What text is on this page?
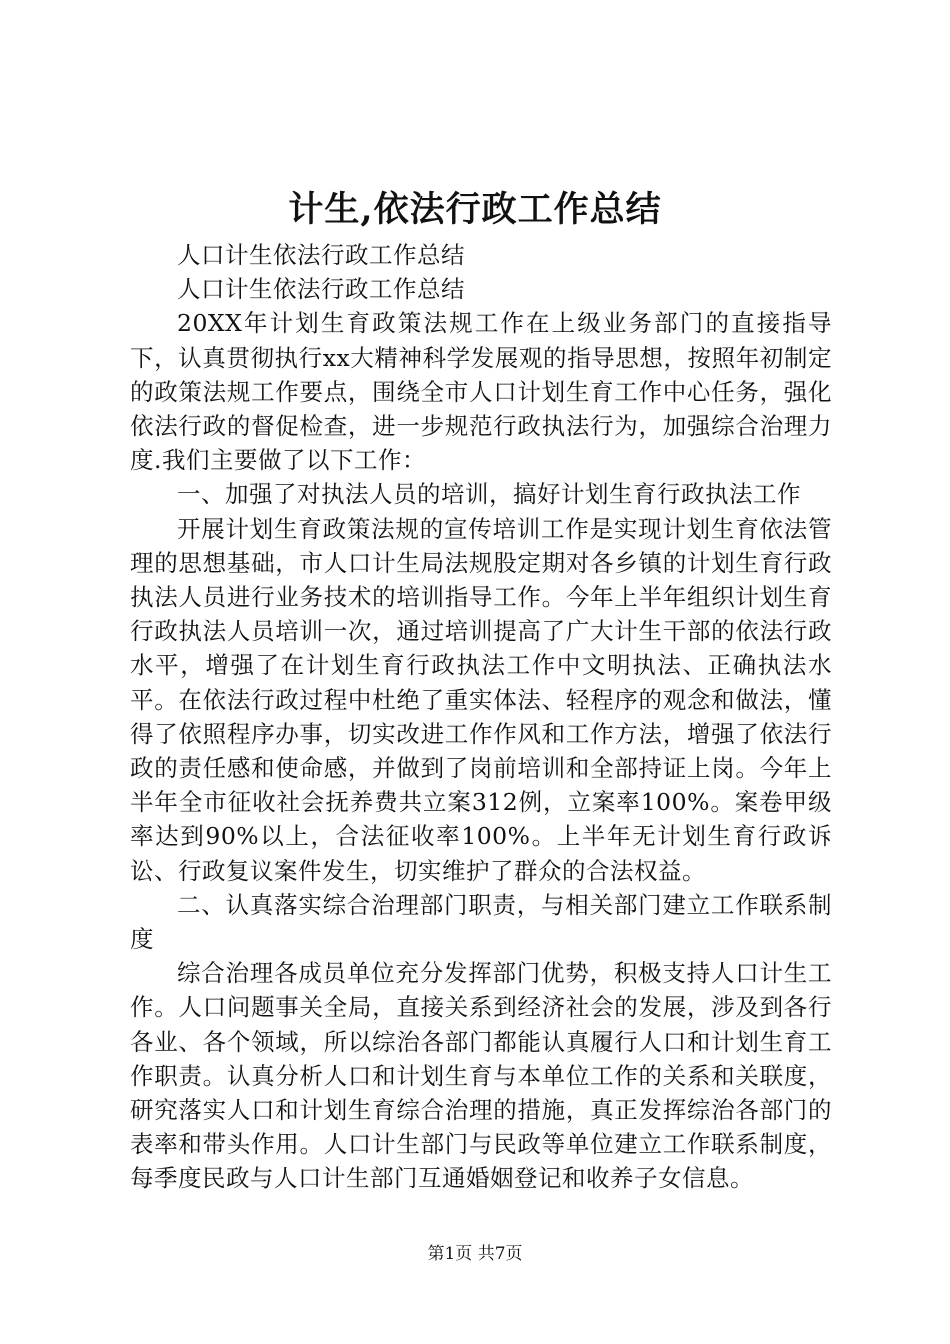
计生,依法行政工作总结

人口计生依法行政工作总结

人口计生依法行政工作总结

20XX年计划生育政策法规工作在上级业务部门的直接指导下，认真贯彻执行xx大精神科学发展观的指导思想，按照年初制定的政策法规工作要点，围绕全市人口计划生育工作中心任务，强化依法行政的督促检查，进一步规范行政执法行为，加强综合治理力度.我们主要做了以下工作：

一、加强了对执法人员的培训，搞好计划生育行政执法工作

开展计划生育政策法规的宣传培训工作是实现计划生育依法管理的思想基础，市人口计生局法规股定期对各乡镇的计划生育行政执法人员进行业务技术的培训指导工作。今年上半年组织计划生育行政执法人员培训一次，通过培训提高了广大计生干部的依法行政水平，增强了在计划生育行政执法工作中文明执法、正确执法水平。在依法行政过程中杜绝了重实体法、轻程序的观念和做法，懂得了依照程序办事，切实改进工作作风和工作方法，增强了依法行政的责任感和使命感，并做到了岗前培训和全部持证上岗。今年上半年全市征收社会抚养费共立案312例，立案率100%。案卷甲级率达到90%以上，合法征收率100%。上半年无计划生育行政诉讼、行政复议案件发生，切实维护了群众的合法权益。

二、认真落实综合治理部门职责，与相关部门建立工作联系制度

综合治理各成员单位充分发挥部门优势，积极支持人口计生工作。人口问题事关全局，直接关系到经济社会的发展，涉及到各行各业、各个领域，所以综治各部门都能认真履行人口和计划生育工作职责。认真分析人口和计划生育与本单位工作的关系和关联度，研究落实人口和计划生育综合治理的措施，真正发挥综治各部门的表率和带头作用。人口计生部门与民政等单位建立工作联系制度，每季度民政与人口计生部门互通婚姻登记和收养子女信息。

第1页 共7页
